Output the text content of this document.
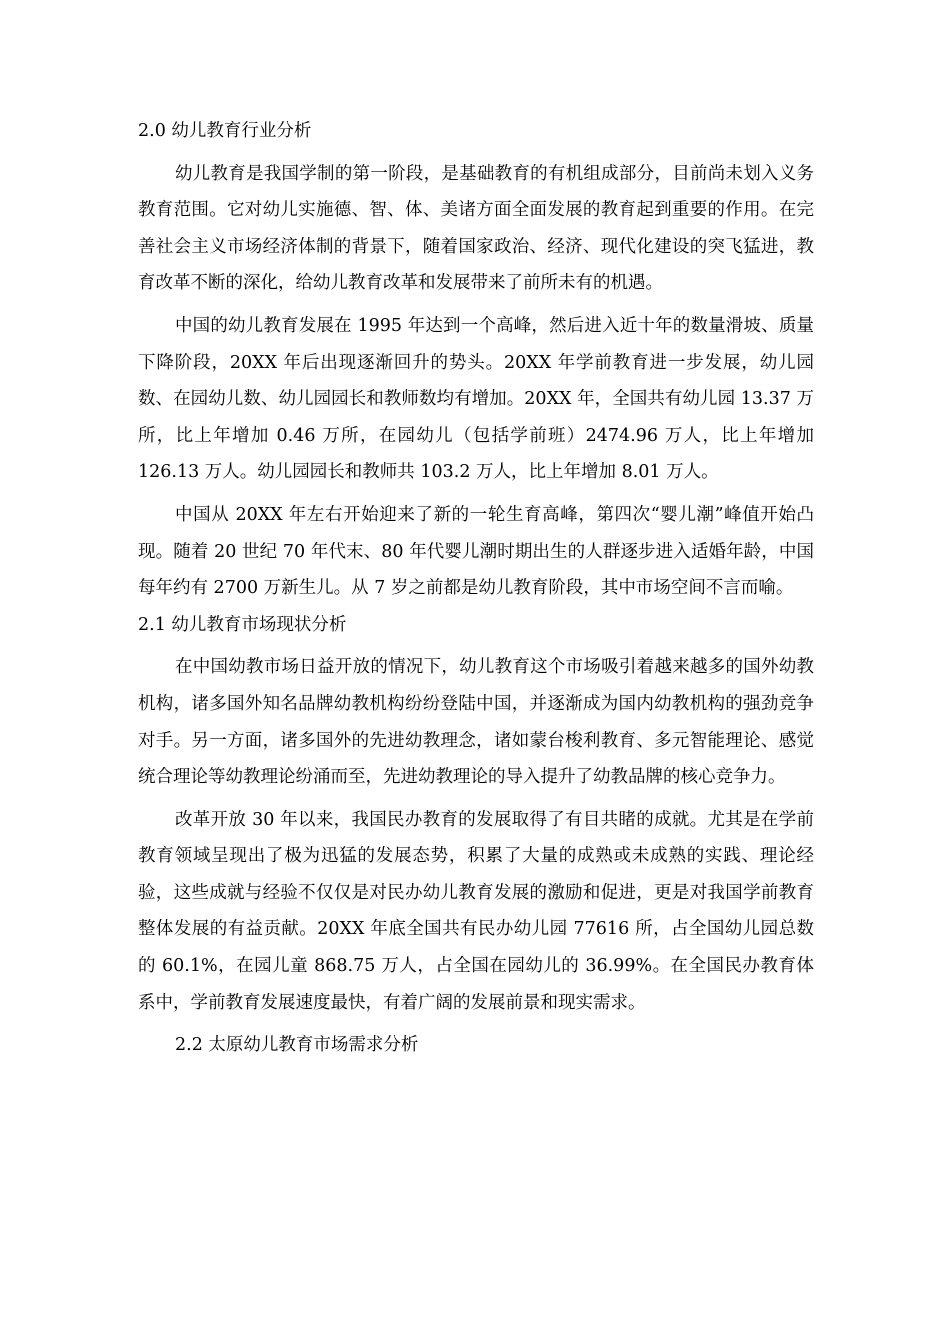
2.0 幼儿教育行业分析
幼儿教育是我国学制的第一阶段，是基础教育的有机组成部分，目前尚未划入义务教育范围。它对幼儿实施德、智、体、美诸方面全面发展的教育起到重要的作用。在完善社会主义市场经济体制的背景下，随着国家政治、经济、现代化建设的突飞猛进，教育改革不断的深化，给幼儿教育改革和发展带来了前所未有的机遇。
中国的幼儿教育发展在 1995 年达到一个高峰，然后进入近十年的数量滑坡、质量下降阶段，20XX 年后出现逐渐回升的势头。20XX 年学前教育进一步发展，幼儿园数、在园幼儿数、幼儿园园长和教师数均有增加。20XX 年，全国共有幼儿园 13.37 万所，比上年增加 0.46 万所，在园幼儿（包括学前班）2474.96 万人，比上年增加 126.13 万人。幼儿园园长和教师共 103.2 万人，比上年增加 8.01 万人。
中国从 20XX 年左右开始迎来了新的一轮生育高峰，第四次“婴儿潮”峰值开始凸现。随着 20 世纪 70 年代末、80 年代婴儿潮时期出生的人群逐步进入适婚年龄，中国每年约有 2700 万新生儿。从 7 岁之前都是幼儿教育阶段，其中市场空间不言而喻。
2.1 幼儿教育市场现状分析
在中国幼教市场日益开放的情况下，幼儿教育这个市场吸引着越来越多的国外幼教机构，诸多国外知名品牌幼教机构纷纷登陆中国，并逐渐成为国内幼教机构的强劲竞争对手。另一方面，诸多国外的先进幼教理念，诸如蒙台梭利教育、多元智能理论、感觉统合理论等幼教理论纷涌而至，先进幼教理论的导入提升了幼教品牌的核心竞争力。
改革开放 30 年以来，我国民办教育的发展取得了有目共睹的成就。尤其是在学前教育领域呈现出了极为迅猛的发展态势，积累了大量的成熟或未成熟的实践、理论经验，这些成就与经验不仅仅是对民办幼儿教育发展的激励和促进，更是对我国学前教育整体发展的有益贡献。20XX 年底全国共有民办幼儿园 77616 所，占全国幼儿园总数的 60.1%，在园儿童 868.75 万人，占全国在园幼儿的 36.99%。在全国民办教育体系中，学前教育发展速度最快，有着广阔的发展前景和现实需求。
2.2 太原幼儿教育市场需求分析
